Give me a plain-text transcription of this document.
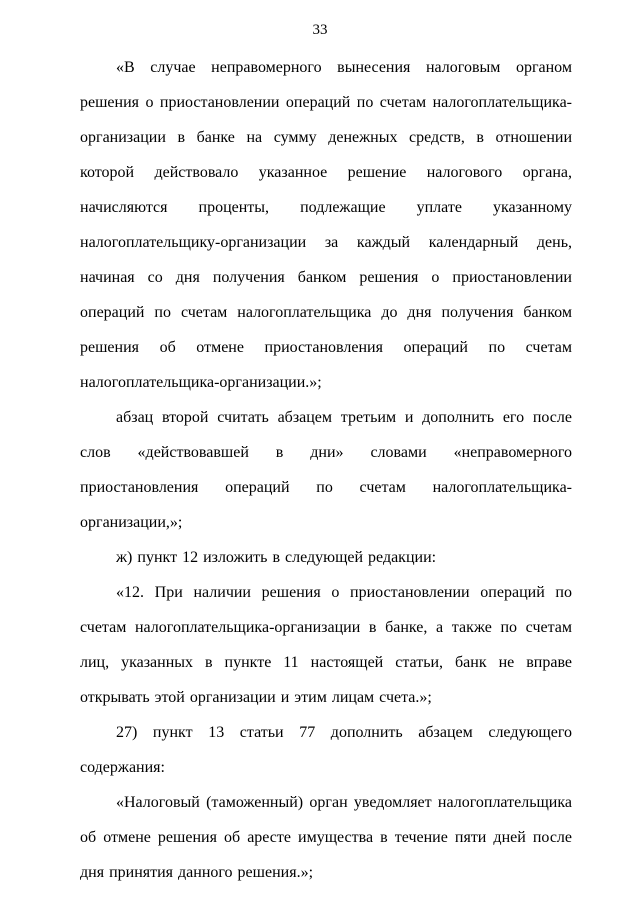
33

«В случае неправомерного вынесения налоговым органом решения о приостановлении операций по счетам налогоплательщика-организации в банке на сумму денежных средств, в отношении которой действовало указанное решение налогового органа, начисляются проценты, подлежащие уплате указанному налогоплательщику-организации за каждый календарный день, начиная со дня получения банком решения о приостановлении операций по счетам налогоплательщика до дня получения банком решения об отмене приостановления операций по счетам налогоплательщика-организации.»;

абзац второй считать абзацем третьим и дополнить его после слов «действовавшей в дни» словами «неправомерного приостановления операций по счетам налогоплательщика-организации,»;

ж) пункт 12 изложить в следующей редакции:

«12. При наличии решения о приостановлении операций по счетам налогоплательщика-организации в банке, а также по счетам лиц, указанных в пункте 11 настоящей статьи, банк не вправе открывать этой организации и этим лицам счета.»;

27) пункт 13 статьи 77 дополнить абзацем следующего содержания:

«Налоговый (таможенный) орган уведомляет налогоплательщика об отмене решения об аресте имущества в течение пяти дней после дня принятия данного решения.»;
